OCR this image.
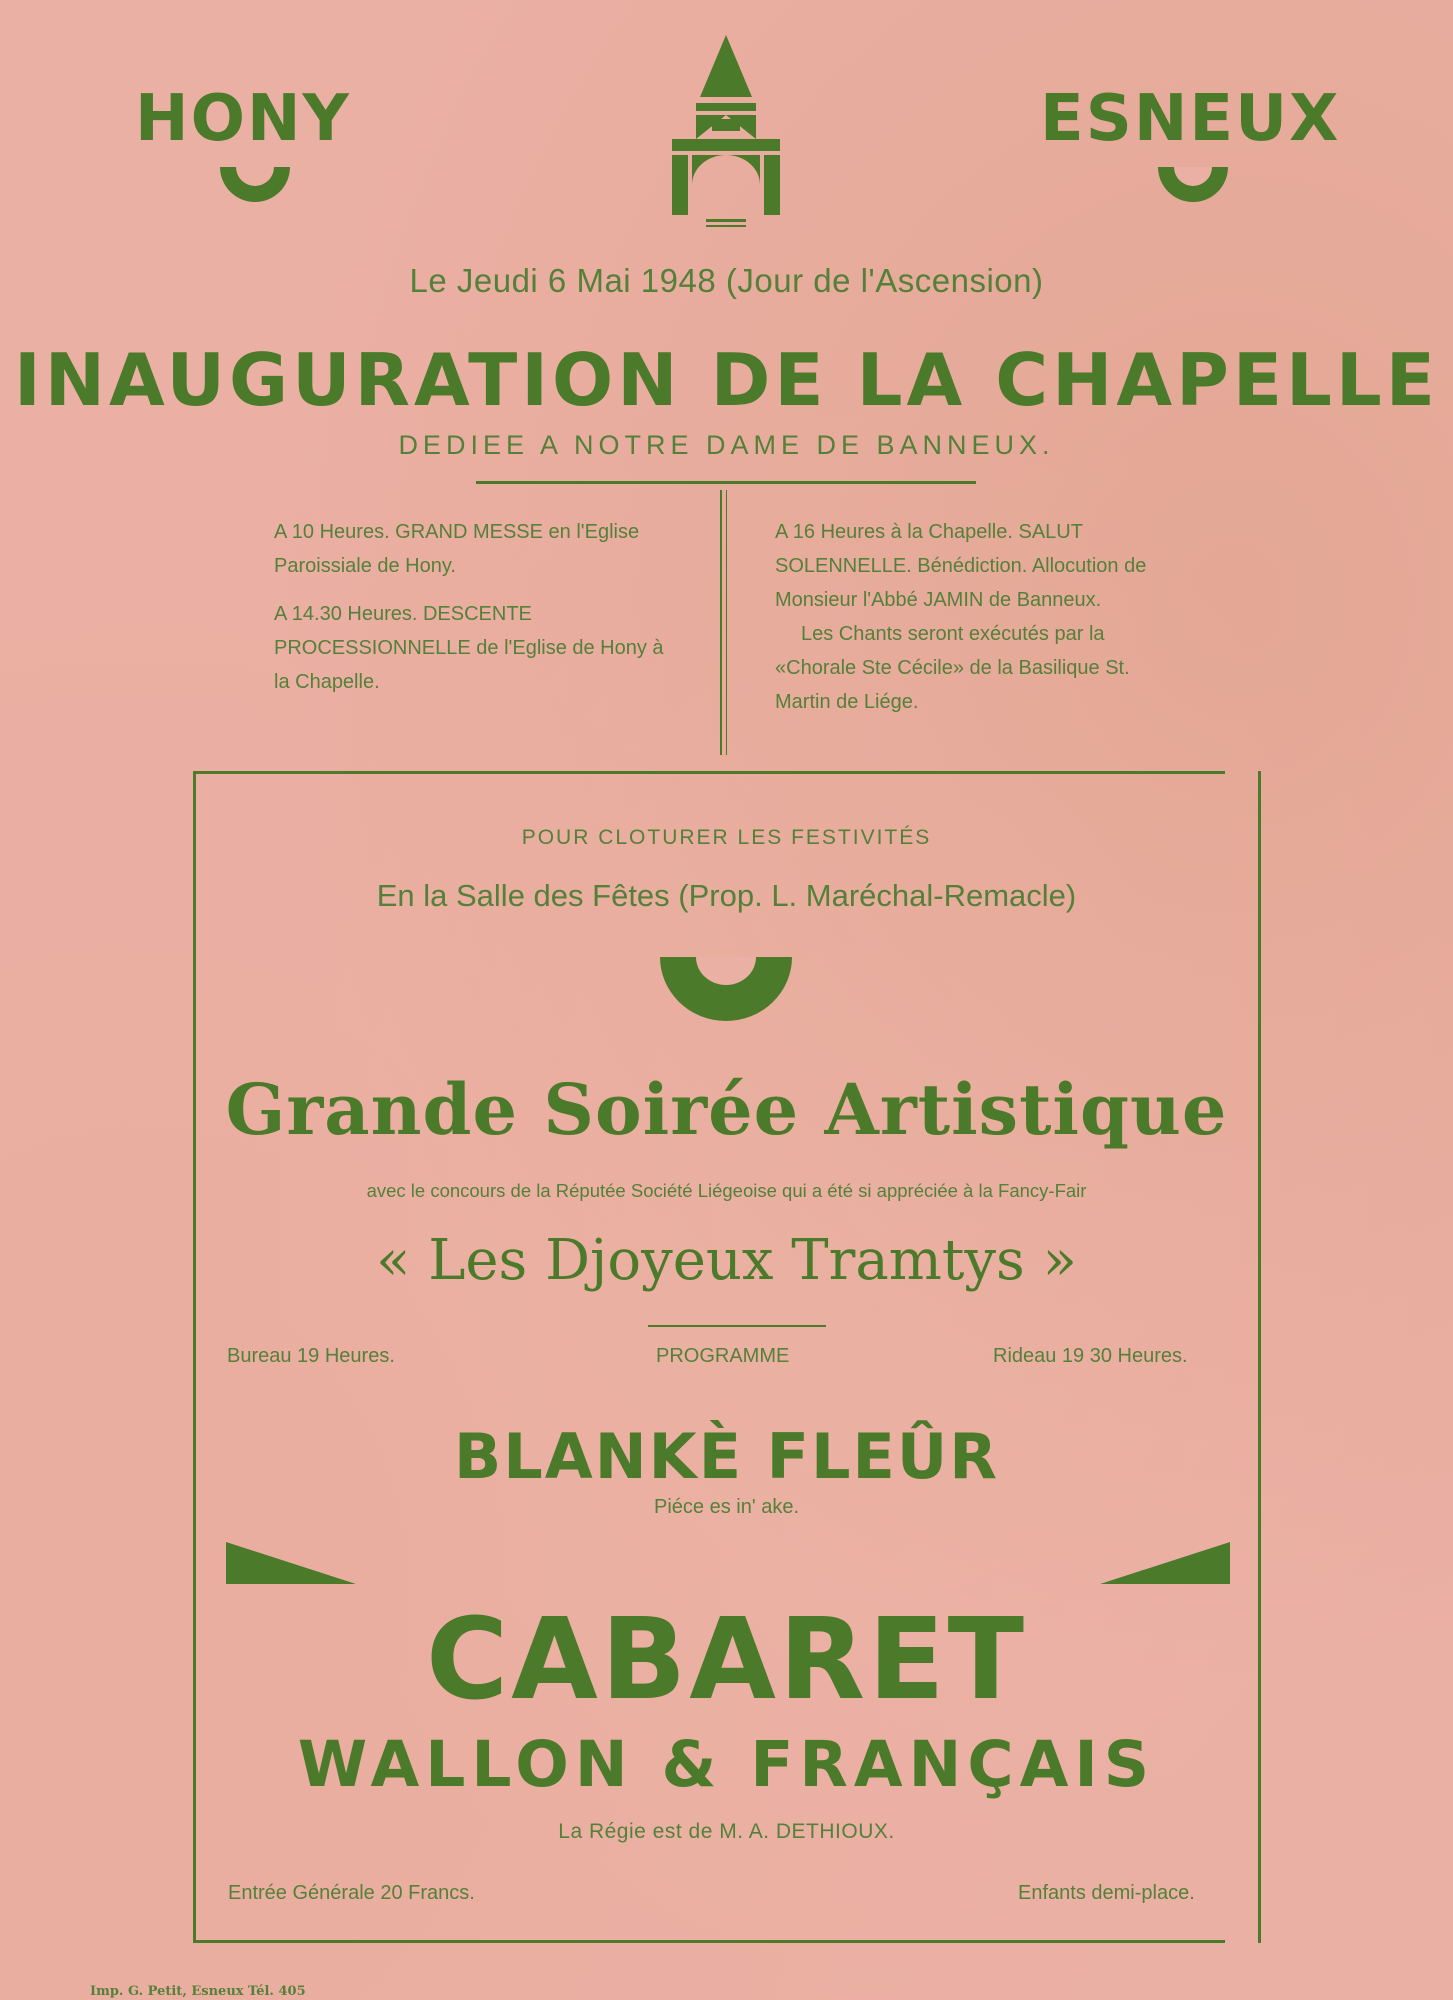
HONY	ESNEUX
Le Jeudi 6 Mai 1948 (Jour de l'Ascension)
INAUGURATION DE LA CHAPELLE
DEDIEE A NOTRE DAME DE BANNEUX.

A 10 Heures. GRAND MESSE en l'Eglise Paroissiale de Hony.

A 14.30 Heures. DESCENTE PROCESSIONNELLE de l'Eglise de Hony à la Chapelle.

A 16 Heures à la Chapelle. SALUT SOLENNELLE. Bénédiction. Allocution de Monsieur l'Abbé JAMIN de Banneux.

Les Chants seront exécutés par la «Chorale Ste Cécile» de la Basilique St. Martin de Liége.

POUR CLOTURER LES FESTIVITÉS
En la Salle des Fêtes (Prop. L. Maréchal-Remacle)
Grande Soirée Artistique
avec le concours de la Réputée Société Liégeoise qui a été si appréciée à la Fancy-Fair
« Les Djoyeux Tramtys »
Bureau 19 Heures.	PROGRAMME	Rideau 19 30 Heures.
BLANKÈ FLEÛR
Piéce es in' ake.
CABARET
WALLON & FRANÇAIS
La Régie est de M. A. DETHIOUX.
Entrée Générale 20 Francs.	Enfants demi-place.
Imp. G. Petit, Esneux Tél. 405
